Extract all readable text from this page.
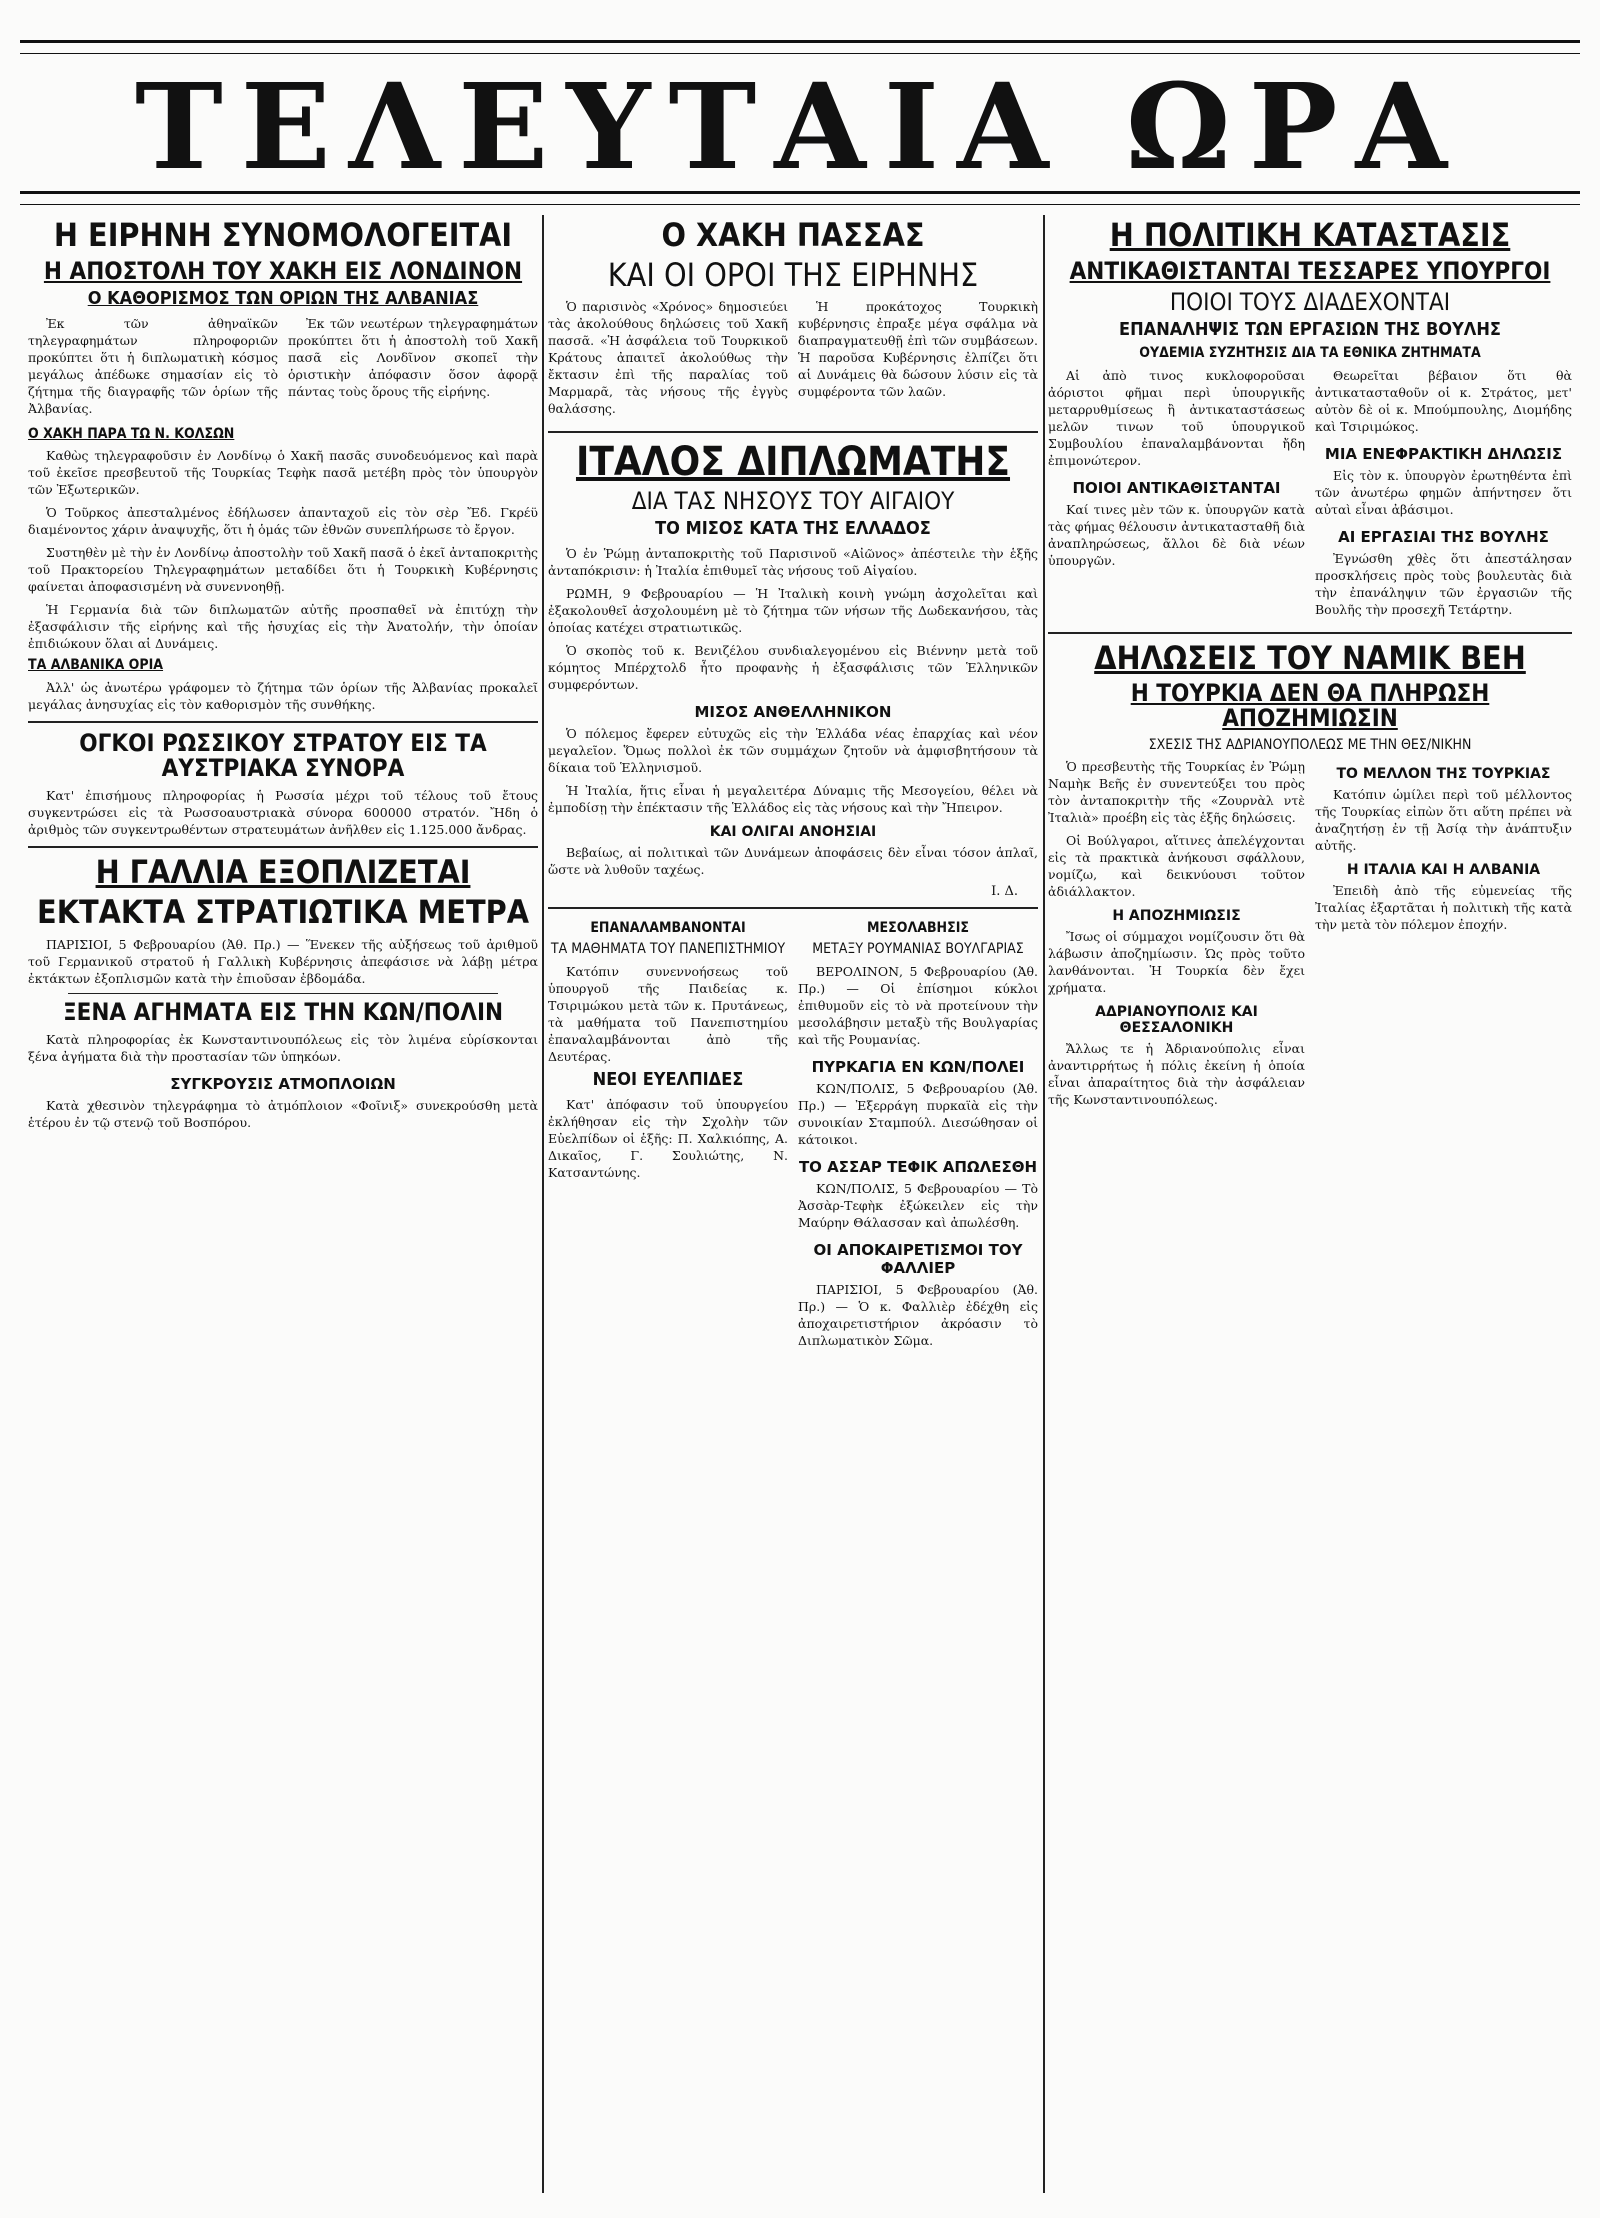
ΤΕΛΕΥΤΑΙΑ ΩΡΑ
Η ΕΙΡΗΝΗ ΣΥΝΟΜΟΛΟΓΕΙΤΑΙ
Η ΑΠΟΣΤΟΛΗ ΤΟΥ ΧΑΚΗ ΕΙΣ ΛΟΝΔΙΝΟΝ
Ο ΚΑΘΟΡΙΣΜΟΣ ΤΩΝ ΟΡΙΩΝ ΤΗΣ ΑΛΒΑΝΙΑΣ

Ἐκ τῶν ἀθηναϊκῶν τηλεγραφημάτων πληροφοριῶν προκύπτει ὅτι ἡ διπλωματικὴ κόσμος μεγάλως ἀπέδωκε σημασίαν εἰς τὸ ζήτημα τῆς διαγραφῆς τῶν ὁρίων τῆς Ἀλβανίας.

Ἐκ τῶν νεωτέρων τηλεγραφημάτων προκύπτει ὅτι ἡ ἀποστολὴ τοῦ Χακῆ πασᾶ εἰς Λονδῖνον σκοπεῖ τὴν ὁριστικὴν ἀπόφασιν ὅσον ἀφορᾷ πάντας τοὺς ὅρους τῆς εἰρήνης.

Ο ΧΑΚΗ ΠΑΡΑ ΤΩ Ν. ΚΟΛΣΩΝ

Καθὼς τηλεγραφοῦσιν ἐν Λονδίνῳ ὁ Χακῆ πασᾶς συνοδευόμενος καὶ παρὰ τοῦ ἐκεῖσε πρεσβευτοῦ τῆς Τουρκίας Τεφὴκ πασᾶ μετέβη πρὸς τὸν ὑπουργὸν τῶν Ἐξωτερικῶν.

Ὁ Τοῦρκος ἀπεσταλμένος ἐδήλωσεν ἀπανταχοῦ εἰς τὸν σὲρ Ἔδ. Γκρέϋ διαμένοντος χάριν ἀναψυχῆς, ὅτι ἡ ὁμάς τῶν ἐθνῶν συνεπλήρωσε τὸ ἔργον.

Συστηθὲν μὲ τὴν ἐν Λονδίνῳ ἀποστολὴν τοῦ Χακῆ πασᾶ ὁ ἐκεῖ ἀνταποκριτὴς τοῦ Πρακτορείου Τηλεγραφημάτων μεταδίδει ὅτι ἡ Τουρκικὴ Κυβέρνησις φαίνεται ἀποφασισμένη νὰ συνεννοηθῇ.

Ἡ Γερμανία διὰ τῶν διπλωματῶν αὐτῆς προσπαθεῖ νὰ ἐπιτύχῃ τὴν ἐξασφάλισιν τῆς εἰρήνης καὶ τῆς ἡσυχίας εἰς τὴν Ἀνατολήν, τὴν ὁποίαν ἐπιδιώκουν ὅλαι αἱ Δυνάμεις.

ΤΑ ΑΛΒΑΝΙΚΑ ΟΡΙΑ

Ἀλλ' ὡς ἀνωτέρω γράφομεν τὸ ζήτημα τῶν ὁρίων τῆς Ἀλβανίας προκαλεῖ μεγάλας ἀνησυχίας εἰς τὸν καθορισμὸν τῆς συνθήκης.

ΟΓΚΟΙ ΡΩΣΣΙΚΟΥ ΣΤΡΑΤΟΥ ΕΙΣ ΤΑ ΑΥΣΤΡΙΑΚΑ ΣΥΝΟΡΑ

Κατ' ἐπισήμους πληροφορίας ἡ Ρωσσία μέχρι τοῦ τέλους τοῦ ἔτους συγκεντρώσει εἰς τὰ Ρωσσοαυστριακὰ σύνορα 600000 στρατόν. Ἤδη ὁ ἀριθμὸς τῶν συγκεντρωθέντων στρατευμάτων ἀνῆλθεν εἰς 1.125.000 ἄνδρας.

Η ΓΑΛΛΙΑ ΕΞΟΠΛΙΖΕΤΑΙ
ΕΚΤΑΚΤΑ ΣΤΡΑΤΙΩΤΙΚΑ ΜΕΤΡΑ

ΠΑΡΙΣΙΟΙ, 5 Φεβρουαρίου (Ἀθ. Πρ.) — Ἕνεκεν τῆς αὐξήσεως τοῦ ἀριθμοῦ τοῦ Γερμανικοῦ στρατοῦ ἡ Γαλλικὴ Κυβέρνησις ἀπεφάσισε νὰ λάβῃ μέτρα ἐκτάκτων ἐξοπλισμῶν κατὰ τὴν ἐπιοῦσαν ἐβδομάδα.

ΞΕΝΑ ΑΓΗΜΑΤΑ ΕΙΣ ΤΗΝ ΚΩΝ/ΠΟΛΙΝ

Κατὰ πληροφορίας ἐκ Κωνσταντινουπόλεως εἰς τὸν λιμένα εὑρίσκονται ξένα ἀγήματα διὰ τὴν προστασίαν τῶν ὑπηκόων.

ΣΥΓΚΡΟΥΣΙΣ ΑΤΜΟΠΛΟΙΩΝ

Κατὰ χθεσινὸν τηλεγράφημα τὸ ἀτμόπλοιον «Φοῖνιξ» συνεκρούσθη μετὰ ἑτέρου ἐν τῷ στενῷ τοῦ Βοσπόρου.

Ο ΧΑΚΗ ΠΑΣΣΑΣ
ΚΑΙ ΟΙ ΟΡΟΙ ΤΗΣ ΕΙΡΗΝΗΣ

Ὁ παρισινὸς «Χρόνος» δημοσιεύει τὰς ἀκολούθους δηλώσεις τοῦ Χακῆ πασσᾶ. «Ἡ ἀσφάλεια τοῦ Τουρκικοῦ Κράτους ἀπαιτεῖ ἀκολούθως τὴν ἔκτασιν ἐπὶ τῆς παραλίας τοῦ Μαρμαρᾶ, τὰς νήσους τῆς ἐγγὺς θαλάσσης.

Ἡ προκάτοχος Τουρκικὴ κυβέρνησις ἐπραξε μέγα σφάλμα νὰ διαπραγματευθῇ ἐπὶ τῶν συμβάσεων. Ἡ παροῦσα Κυβέρνησις ἐλπίζει ὅτι αἱ Δυνάμεις θὰ δώσουν λύσιν εἰς τὰ συμφέροντα τῶν λαῶν.

ΙΤΑΛΟΣ ΔΙΠΛΩΜΑΤΗΣ
ΔΙΑ ΤΑΣ ΝΗΣΟΥΣ ΤΟΥ ΑΙΓΑΙΟΥ
ΤΟ ΜΙΣΟΣ ΚΑΤΑ ΤΗΣ ΕΛΛΑΔΟΣ

Ὁ ἐν Ῥώμῃ ἀνταποκριτὴς τοῦ Παρισινοῦ «Αἰῶνος» ἀπέστειλε τὴν ἑξῆς ἀνταπόκρισιν: ἡ Ἰταλία ἐπιθυμεῖ τὰς νήσους τοῦ Αἰγαίου.

ΡΩΜΗ, 9 Φεβρουαρίου — Ἡ Ἰταλικὴ κοινὴ γνώμη ἀσχολεῖται καὶ ἐξακολουθεῖ ἀσχολουμένη μὲ τὸ ζήτημα τῶν νήσων τῆς Δωδεκανήσου, τὰς ὁποίας κατέχει στρατιωτικῶς.

Ὁ σκοπὸς τοῦ κ. Βενιζέλου συνδιαλεγομένου εἰς Βιέννην μετὰ τοῦ κόμητος Μπέρχτολδ ἦτο προφανὴς ἡ ἐξασφάλισις τῶν Ἑλληνικῶν συμφερόντων.

ΜΙΣΟΣ ΑΝΘΕΛΛΗΝΙΚΟΝ

Ὁ πόλεμος ἔφερεν εὐτυχῶς εἰς τὴν Ἑλλάδα νέας ἐπαρχίας καὶ νέον μεγαλεῖον. Ὅμως πολλοὶ ἐκ τῶν συμμάχων ζητοῦν νὰ ἀμφισβητήσουν τὰ δίκαια τοῦ Ἑλληνισμοῦ.

Ἡ Ἰταλία, ἥτις εἶναι ἡ μεγαλειτέρα Δύναμις τῆς Μεσογείου, θέλει νὰ ἐμποδίσῃ τὴν ἐπέκτασιν τῆς Ἑλλάδος εἰς τὰς νήσους καὶ τὴν Ἤπειρον.

ΚΑΙ ΟΛΙΓΑΙ ΑΝΟΗΣΙΑΙ

Βεβαίως, αἱ πολιτικαὶ τῶν Δυνάμεων ἀποφάσεις δὲν εἶναι τόσον ἁπλαῖ, ὥστε νὰ λυθοῦν ταχέως.

Ι. Δ.
ΕΠΑΝΑΛΑΜΒΑΝΟΝΤΑΙ
ΤΑ ΜΑΘΗΜΑΤΑ ΤΟΥ ΠΑΝΕΠΙΣΤΗΜΙΟΥ

Κατόπιν συνεννοήσεως τοῦ ὑπουργοῦ τῆς Παιδείας κ. Τσιριμώκου μετὰ τῶν κ. Πρυτάνεως, τὰ μαθήματα τοῦ Πανεπιστημίου ἐπαναλαμβάνονται ἀπὸ τῆς Δευτέρας.

ΝΕΟΙ ΕΥΕΛΠΙΔΕΣ

Κατ' ἀπόφασιν τοῦ ὑπουργείου ἐκλήθησαν εἰς τὴν Σχολὴν τῶν Εὐελπίδων οἱ ἑξῆς: Π. Χαλκιόπης, Α. Δικαῖος, Γ. Σουλιώτης, Ν. Κατσαντώνης.

ΜΕΣΟΛΑΒΗΣΙΣ
ΜΕΤΑΞΥ ΡΟΥΜΑΝΙΑΣ ΒΟΥΛΓΑΡΙΑΣ

ΒΕΡΟΛΙΝΟΝ, 5 Φεβρουαρίου (Ἀθ. Πρ.) — Οἱ ἐπίσημοι κύκλοι ἐπιθυμοῦν εἰς τὸ νὰ προτείνουν τὴν μεσολάβησιν μεταξὺ τῆς Βουλγαρίας καὶ τῆς Ρουμανίας.

ΠΥΡΚΑΓΙΑ ΕΝ ΚΩΝ/ΠΟΛΕΙ

ΚΩΝ/ΠΟΛΙΣ, 5 Φεβρουαρίου (Ἀθ. Πρ.) — Ἐξερράγη πυρκαϊὰ εἰς τὴν συνοικίαν Σταμπούλ. Διεσώθησαν οἱ κάτοικοι.

ΤΟ ΑΣΣΑΡ ΤΕΦΙΚ ΑΠΩΛΕΣΘΗ

ΚΩΝ/ΠΟΛΙΣ, 5 Φεβρουαρίου — Τὸ Ἀσσὰρ-Τεφὴκ ἐξώκειλεν εἰς τὴν Μαύρην Θάλασσαν καὶ ἀπωλέσθη.

ΟΙ ΑΠΟΚΑΙΡΕΤΙΣΜΟΙ ΤΟΥ ΦΑΛΛΙΕΡ

ΠΑΡΙΣΙΟΙ, 5 Φεβρουαρίου (Ἀθ. Πρ.) — Ὁ κ. Φαλλιὲρ ἐδέχθη εἰς ἀποχαιρετιστήριον ἀκρόασιν τὸ Διπλωματικὸν Σῶμα.

Η ΠΟΛΙΤΙΚΗ ΚΑΤΑΣΤΑΣΙΣ
ΑΝΤΙΚΑΘΙΣΤΑΝΤΑΙ ΤΕΣΣΑΡΕΣ ΥΠΟΥΡΓΟΙ
ΠΟΙΟΙ ΤΟΥΣ ΔΙΑΔΕΧΟΝΤΑΙ
ΕΠΑΝΑΛΗΨΙΣ ΤΩΝ ΕΡΓΑΣΙΩΝ ΤΗΣ ΒΟΥΛΗΣ
ΟΥΔΕΜΙΑ ΣΥΖΗΤΗΣΙΣ ΔΙΑ ΤΑ ΕΘΝΙΚΑ ΖΗΤΗΜΑΤΑ

Αἱ ἀπὸ τινος κυκλοφοροῦσαι ἀόριστοι φῆμαι περὶ ὑπουργικῆς μεταρρυθμίσεως ἢ ἀντικαταστάσεως μελῶν τινων τοῦ ὑπουργικοῦ Συμβουλίου ἐπαναλαμβάνονται ἤδη ἐπιμονώτερον.

ΠΟΙΟΙ ΑΝΤΙΚΑΘΙΣΤΑΝΤΑΙ

Καί τινες μὲν τῶν κ. ὑπουργῶν κατὰ τὰς φήμας θέλουσιν ἀντικατασταθῆ διὰ ἀναπληρώσεως, ἄλλοι δὲ διὰ νέων ὑπουργῶν.

Θεωρεῖται βέβαιον ὅτι θὰ ἀντικατασταθοῦν οἱ κ. Στράτος, μετ' αὐτὸν δὲ οἱ κ. Μπούμπουλης, Διομήδης καὶ Τσιριμώκος.

ΜΙΑ ΕΝΕΦΡΑΚΤΙΚΗ ΔΗΛΩΣΙΣ

Εἰς τὸν κ. ὑπουργὸν ἐρωτηθέντα ἐπὶ τῶν ἀνωτέρω φημῶν ἀπήντησεν ὅτι αὐταὶ εἶναι ἀβάσιμοι.

ΑΙ ΕΡΓΑΣΙΑΙ ΤΗΣ ΒΟΥΛΗΣ

Ἐγνώσθη χθὲς ὅτι ἀπεστάλησαν προσκλήσεις πρὸς τοὺς βουλευτὰς διὰ τὴν ἐπανάληψιν τῶν ἐργασιῶν τῆς Βουλῆς τὴν προσεχῆ Τετάρτην.

ΔΗΛΩΣΕΙΣ ΤΟΥ ΝΑΜΙΚ ΒΕΗ
Η ΤΟΥΡΚΙΑ ΔΕΝ ΘΑ ΠΛΗΡΩΣΗ ΑΠΟΖΗΜΙΩΣΙΝ
ΣΧΕΣΙΣ ΤΗΣ ΑΔΡΙΑΝΟΥΠΟΛΕΩΣ ΜΕ ΤΗΝ ΘΕΣ/ΝΙΚΗΝ

Ὁ πρεσβευτὴς τῆς Τουρκίας ἐν Ῥώμῃ Ναμὴκ Βεῆς ἐν συνεντεύξει του πρὸς τὸν ἀνταποκριτὴν τῆς «Ζουρνὰλ ντὲ Ἰταλιὰ» προέβη εἰς τὰς ἑξῆς δηλώσεις.

Οἱ Βούλγαροι, αἵτινες ἀπελέγχονται εἰς τὰ πρακτικὰ ἀνήκουσι σφάλλουν, νομίζω, καὶ δεικνύουσι τοῦτον ἀδιάλλακτον.

Η ΑΠΟΖΗΜΙΩΣΙΣ

Ἴσως οἱ σύμμαχοι νομίζουσιν ὅτι θὰ λάβωσιν ἀποζημίωσιν. Ὡς πρὸς τοῦτο λανθάνονται. Ἡ Τουρκία δὲν ἔχει χρήματα.

ΑΔΡΙΑΝΟΥΠΟΛΙΣ ΚΑΙ ΘΕΣΣΑΛΟΝΙΚΗ

Ἄλλως τε ἡ Ἀδριανούπολις εἶναι ἀναντιρρήτως ἡ πόλις ἐκείνη ἡ ὁποία εἶναι ἀπαραίτητος διὰ τὴν ἀσφάλειαν τῆς Κωνσταντινουπόλεως.

ΤΟ ΜΕΛΛΟΝ ΤΗΣ ΤΟΥΡΚΙΑΣ

Κατόπιν ὡμίλει περὶ τοῦ μέλλοντος τῆς Τουρκίας εἰπὼν ὅτι αὕτη πρέπει νὰ ἀναζητήσῃ ἐν τῇ Ἀσίᾳ τὴν ἀνάπτυξιν αὐτῆς.

Η ΙΤΑΛΙΑ ΚΑΙ Η ΑΛΒΑΝΙΑ

Ἐπειδὴ ἀπὸ τῆς εὐμενείας τῆς Ἰταλίας ἐξαρτᾶται ἡ πολιτικὴ τῆς κατὰ τὴν μετὰ τὸν πόλεμον ἐποχήν.
